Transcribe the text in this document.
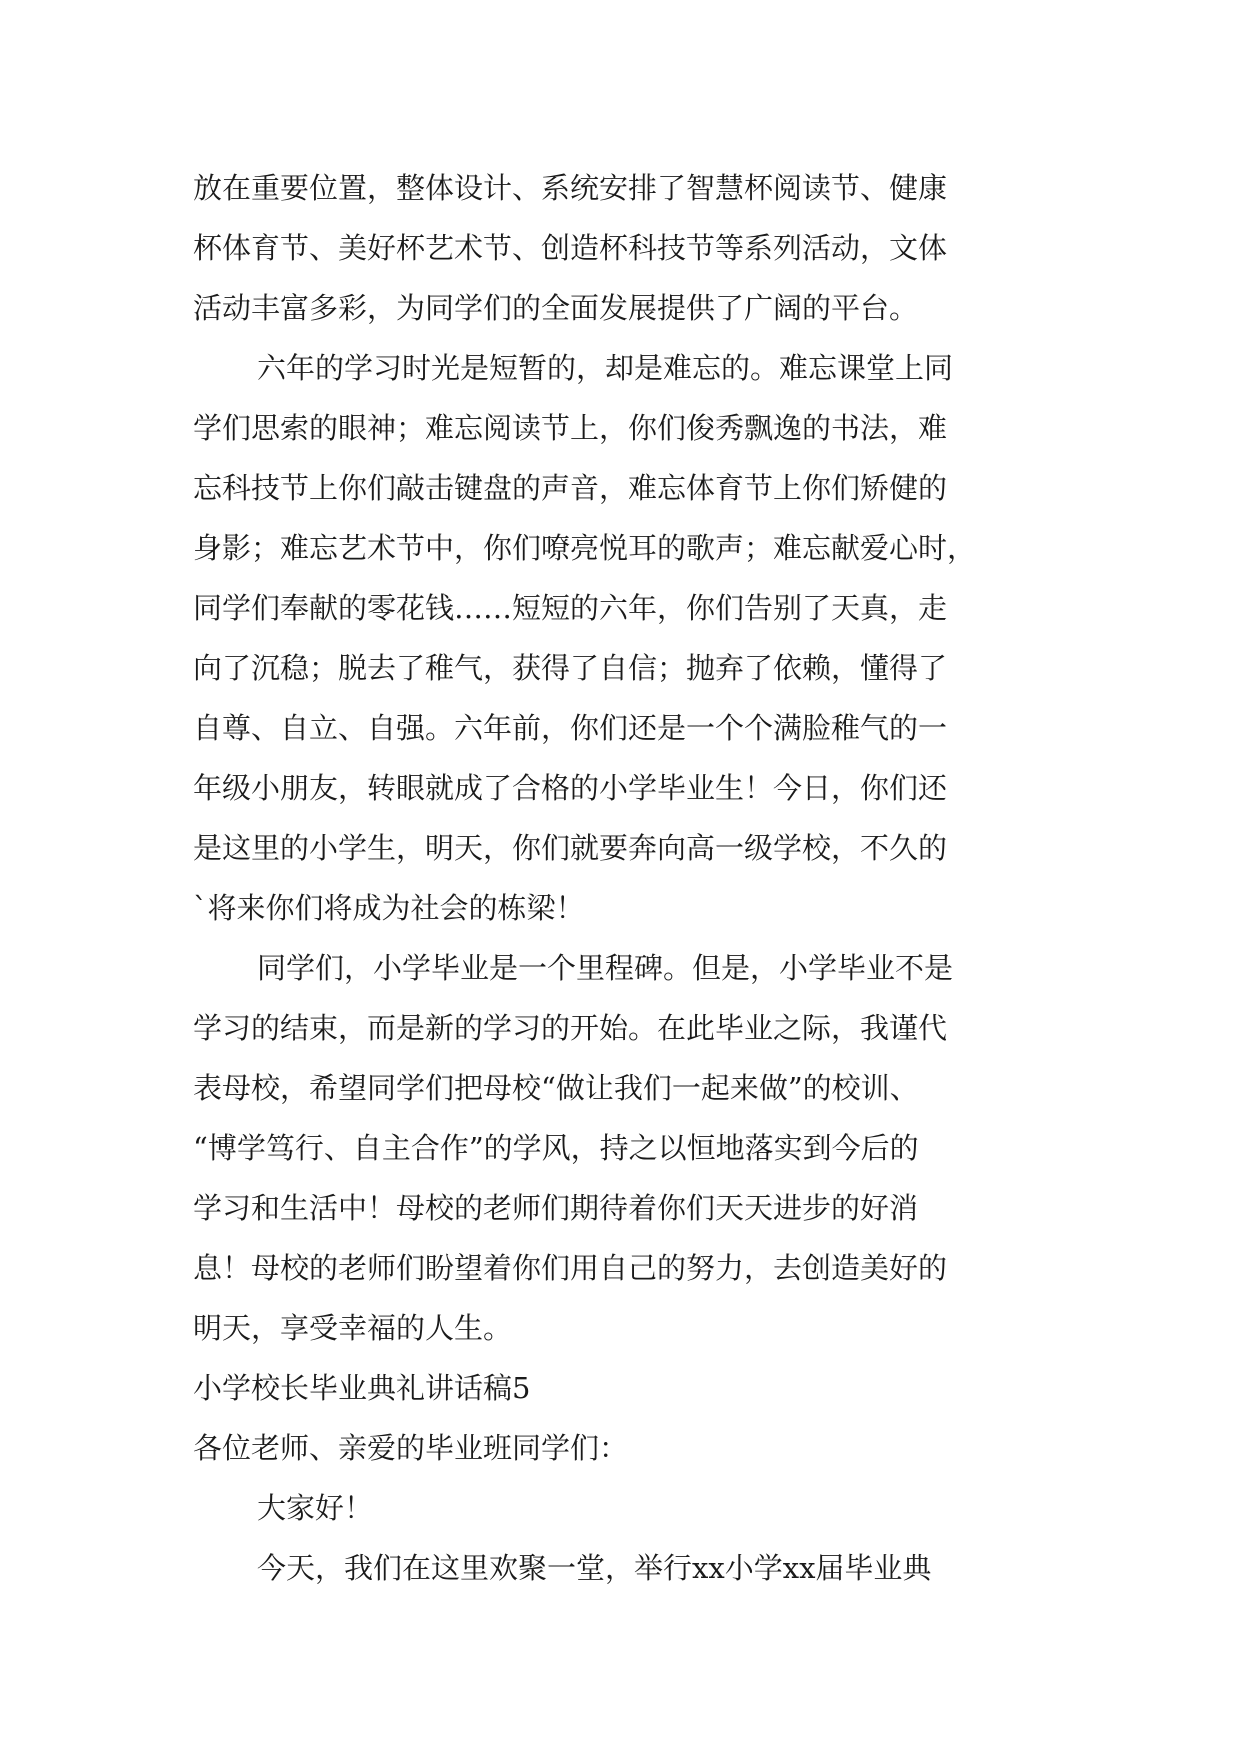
放在重要位置，整体设计、系统安排了智慧杯阅读节、健康
杯体育节、美好杯艺术节、创造杯科技节等系列活动，文体
活动丰富多彩，为同学们的全面发展提供了广阔的平台。
六年的学习时光是短暂的，却是难忘的。难忘课堂上同
学们思索的眼神；难忘阅读节上，你们俊秀飘逸的书法，难
忘科技节上你们敲击键盘的声音，难忘体育节上你们矫健的
身影；难忘艺术节中，你们嘹亮悦耳的歌声；难忘献爱心时，
同学们奉献的零花钱……短短的六年，你们告别了天真，走
向了沉稳；脱去了稚气，获得了自信；抛弃了依赖，懂得了
自尊、自立、自强。六年前，你们还是一个个满脸稚气的一
年级小朋友，转眼就成了合格的小学毕业生！今日，你们还
是这里的小学生，明天，你们就要奔向高一级学校，不久的
`将来你们将成为社会的栋梁！
同学们，小学毕业是一个里程碑。但是，小学毕业不是
学习的结束，而是新的学习的开始。在此毕业之际，我谨代
表母校，希望同学们把母校“做让我们一起来做”的校训、
“博学笃行、自主合作”的学风，持之以恒地落实到今后的
学习和生活中！母校的老师们期待着你们天天进步的好消
息！母校的老师们盼望着你们用自己的努力，去创造美好的
明天，享受幸福的人生。
小学校长毕业典礼讲话稿5
各位老师、亲爱的毕业班同学们：
大家好！
今天，我们在这里欢聚一堂，举行xx小学xx届毕业典
